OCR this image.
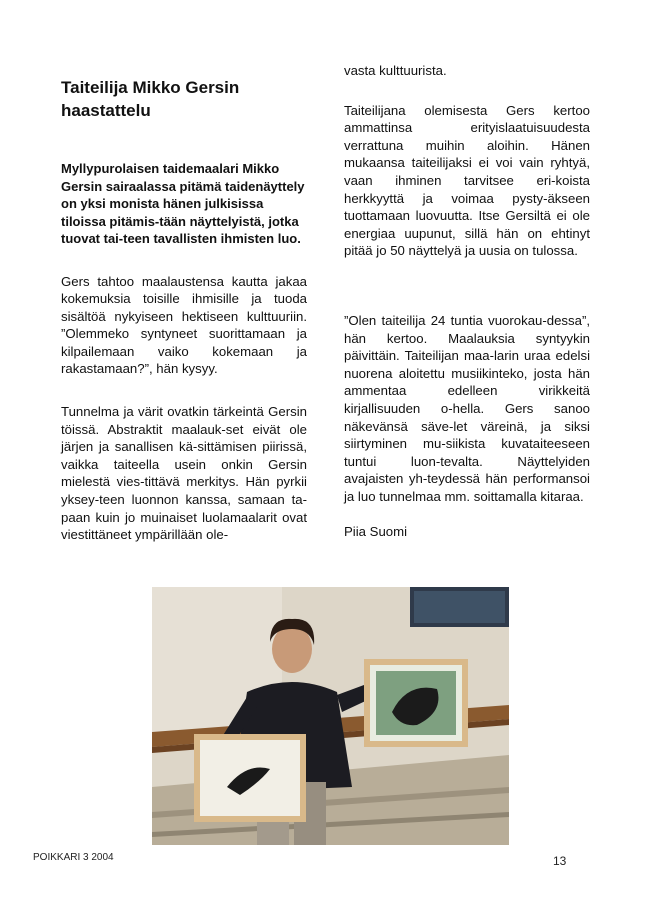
Taiteilija Mikko Gersin haastattelu

Myllypurolaisen taidemaalari Mikko Gersin sairaalassa pitämä taidenäyttely on yksi monista hänen julkisissa tiloissa pitämis-tään näyttelyistä, jotka tuovat tai-teen tavallisten ihmisten luo.

Gers tahtoo maalaustensa kautta jakaa kokemuksia toisille ihmisille ja tuoda sisältöä nykyiseen hektiseen kulttuuriin. ”Olemmeko syntyneet suorittamaan ja kilpailemaan vaiko kokemaan ja rakastamaan?”, hän kysyy.

Tunnelma ja värit ovatkin tärkeintä Gersin töissä. Abstraktit maalauk-set eivät ole järjen ja sanallisen kä-sittämisen piirissä, vaikka taiteella usein onkin Gersin mielestä vies-tittävä merkitys. Hän pyrkii yksey-teen luonnon kanssa, samaan ta-paan kuin jo muinaiset luolamaalarit ovat viestittäneet ympärillään ole-

vasta kulttuurista.

Taiteilijana olemisesta Gers kertoo ammattinsa erityislaatuisuudesta verrattuna muihin aloihin. Hänen mukaansa taiteilijaksi ei voi vain ryhtyä, vaan ihminen tarvitsee eri-koista herkkyyttä ja voimaa pysty-äkseen tuottamaan luovuutta. Itse Gersiltä ei ole energiaa uupunut, sillä hän on ehtinyt pitää jo 50 näyttelyä ja uusia on tulossa.

”Olen taiteilija 24 tuntia vuorokau-dessa”, hän kertoo. Maalauksia syntyykin päivittäin. Taiteilijan maa-larin uraa edelsi nuorena aloitettu musiikinteko, josta hän ammentaa edelleen virikkeitä kirjallisuuden o-hella. Gers sanoo näkevänsä säve-let väreinä, ja siksi siirtyminen mu-siikista kuvataiteeseen tuntui luon-tevalta. Näyttelyiden avajaisten yh-teydessä hän performansoi ja luo tunnelmaa mm. soittamalla kitaraa.

Piia Suomi

POIKKARI 3 2004	13
